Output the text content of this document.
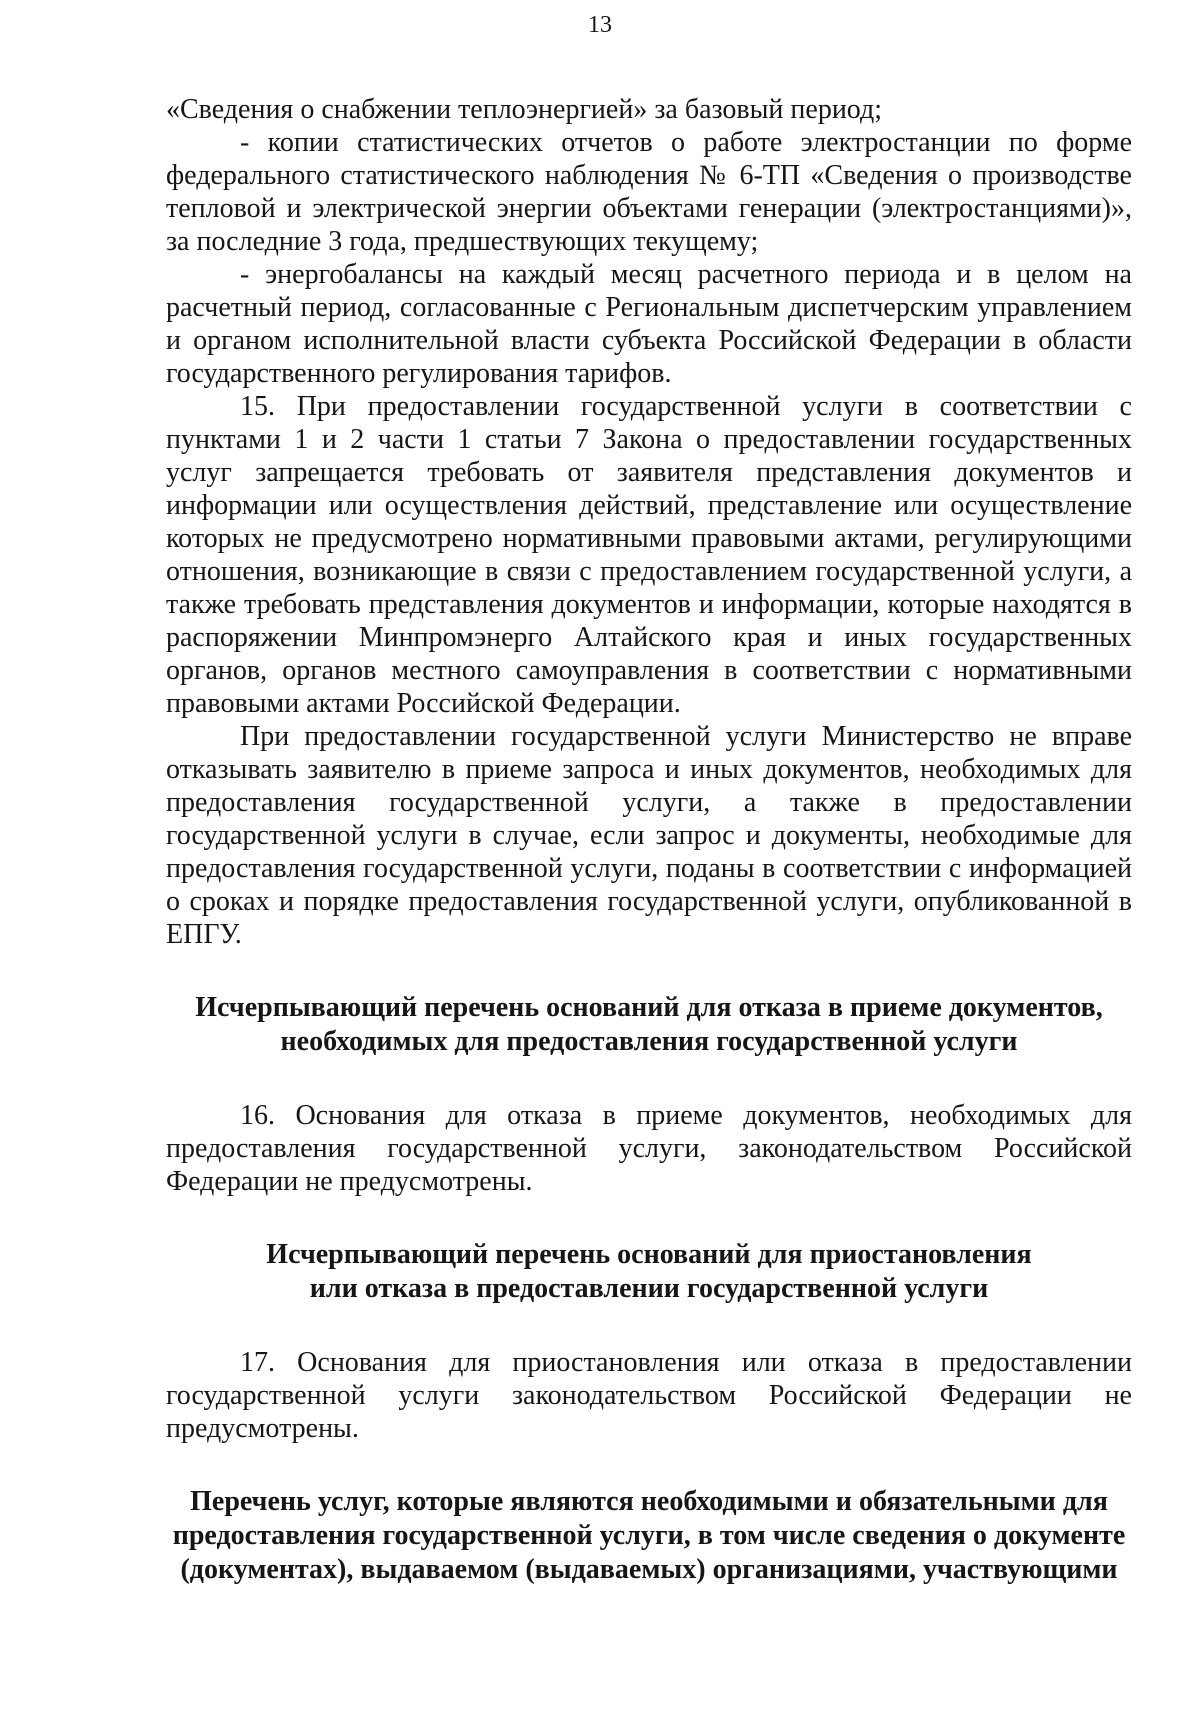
13

«Сведения о снабжении теплоэнергией» за базовый период;

- копии статистических отчетов о работе электростанции по форме федерального статистического наблюдения № 6-ТП «Сведения о производстве тепловой и электрической энергии объектами генерации (электростанциями)», за последние 3 года, предшествующих текущему;

- энергобалансы на каждый месяц расчетного периода и в целом на расчетный период, согласованные с Региональным диспетчерским управлением и органом исполнительной власти субъекта Российской Федерации в области государственного регулирования тарифов.

15. При предоставлении государственной услуги в соответствии с пунктами 1 и 2 части 1 статьи 7 Закона о предоставлении государственных услуг запрещается требовать от заявителя представления документов и информации или осуществления действий, представление или осуществление которых не предусмотрено нормативными правовыми актами, регулирующими отношения, возникающие в связи с предоставлением государственной услуги, а также требовать представления документов и информации, которые находятся в распоряжении Минпромэнерго Алтайского края и иных государственных органов, органов местного самоуправления в соответствии с нормативными правовыми актами Российской Федерации.

При предоставлении государственной услуги Министерство не вправе отказывать заявителю в приеме запроса и иных документов, необходимых для предоставления государственной услуги, а также в предоставлении государственной услуги в случае, если запрос и документы, необходимые для предоставления государственной услуги, поданы в соответствии с информацией о сроках и порядке предоставления государственной услуги, опубликованной в ЕПГУ.

Исчерпывающий перечень оснований для отказа в приеме документов,
необходимых для предоставления государственной услуги

16. Основания для отказа в приеме документов, необходимых для предоставления государственной услуги, законодательством Российской Федерации не предусмотрены.

Исчерпывающий перечень оснований для приостановления
или отказа в предоставлении государственной услуги

17. Основания для приостановления или отказа в предоставлении государственной услуги законодательством Российской Федерации не предусмотрены.

Перечень услуг, которые являются необходимыми и обязательными для
предоставления государственной услуги, в том числе сведения о документе
(документах), выдаваемом (выдаваемых) организациями, участвующими
